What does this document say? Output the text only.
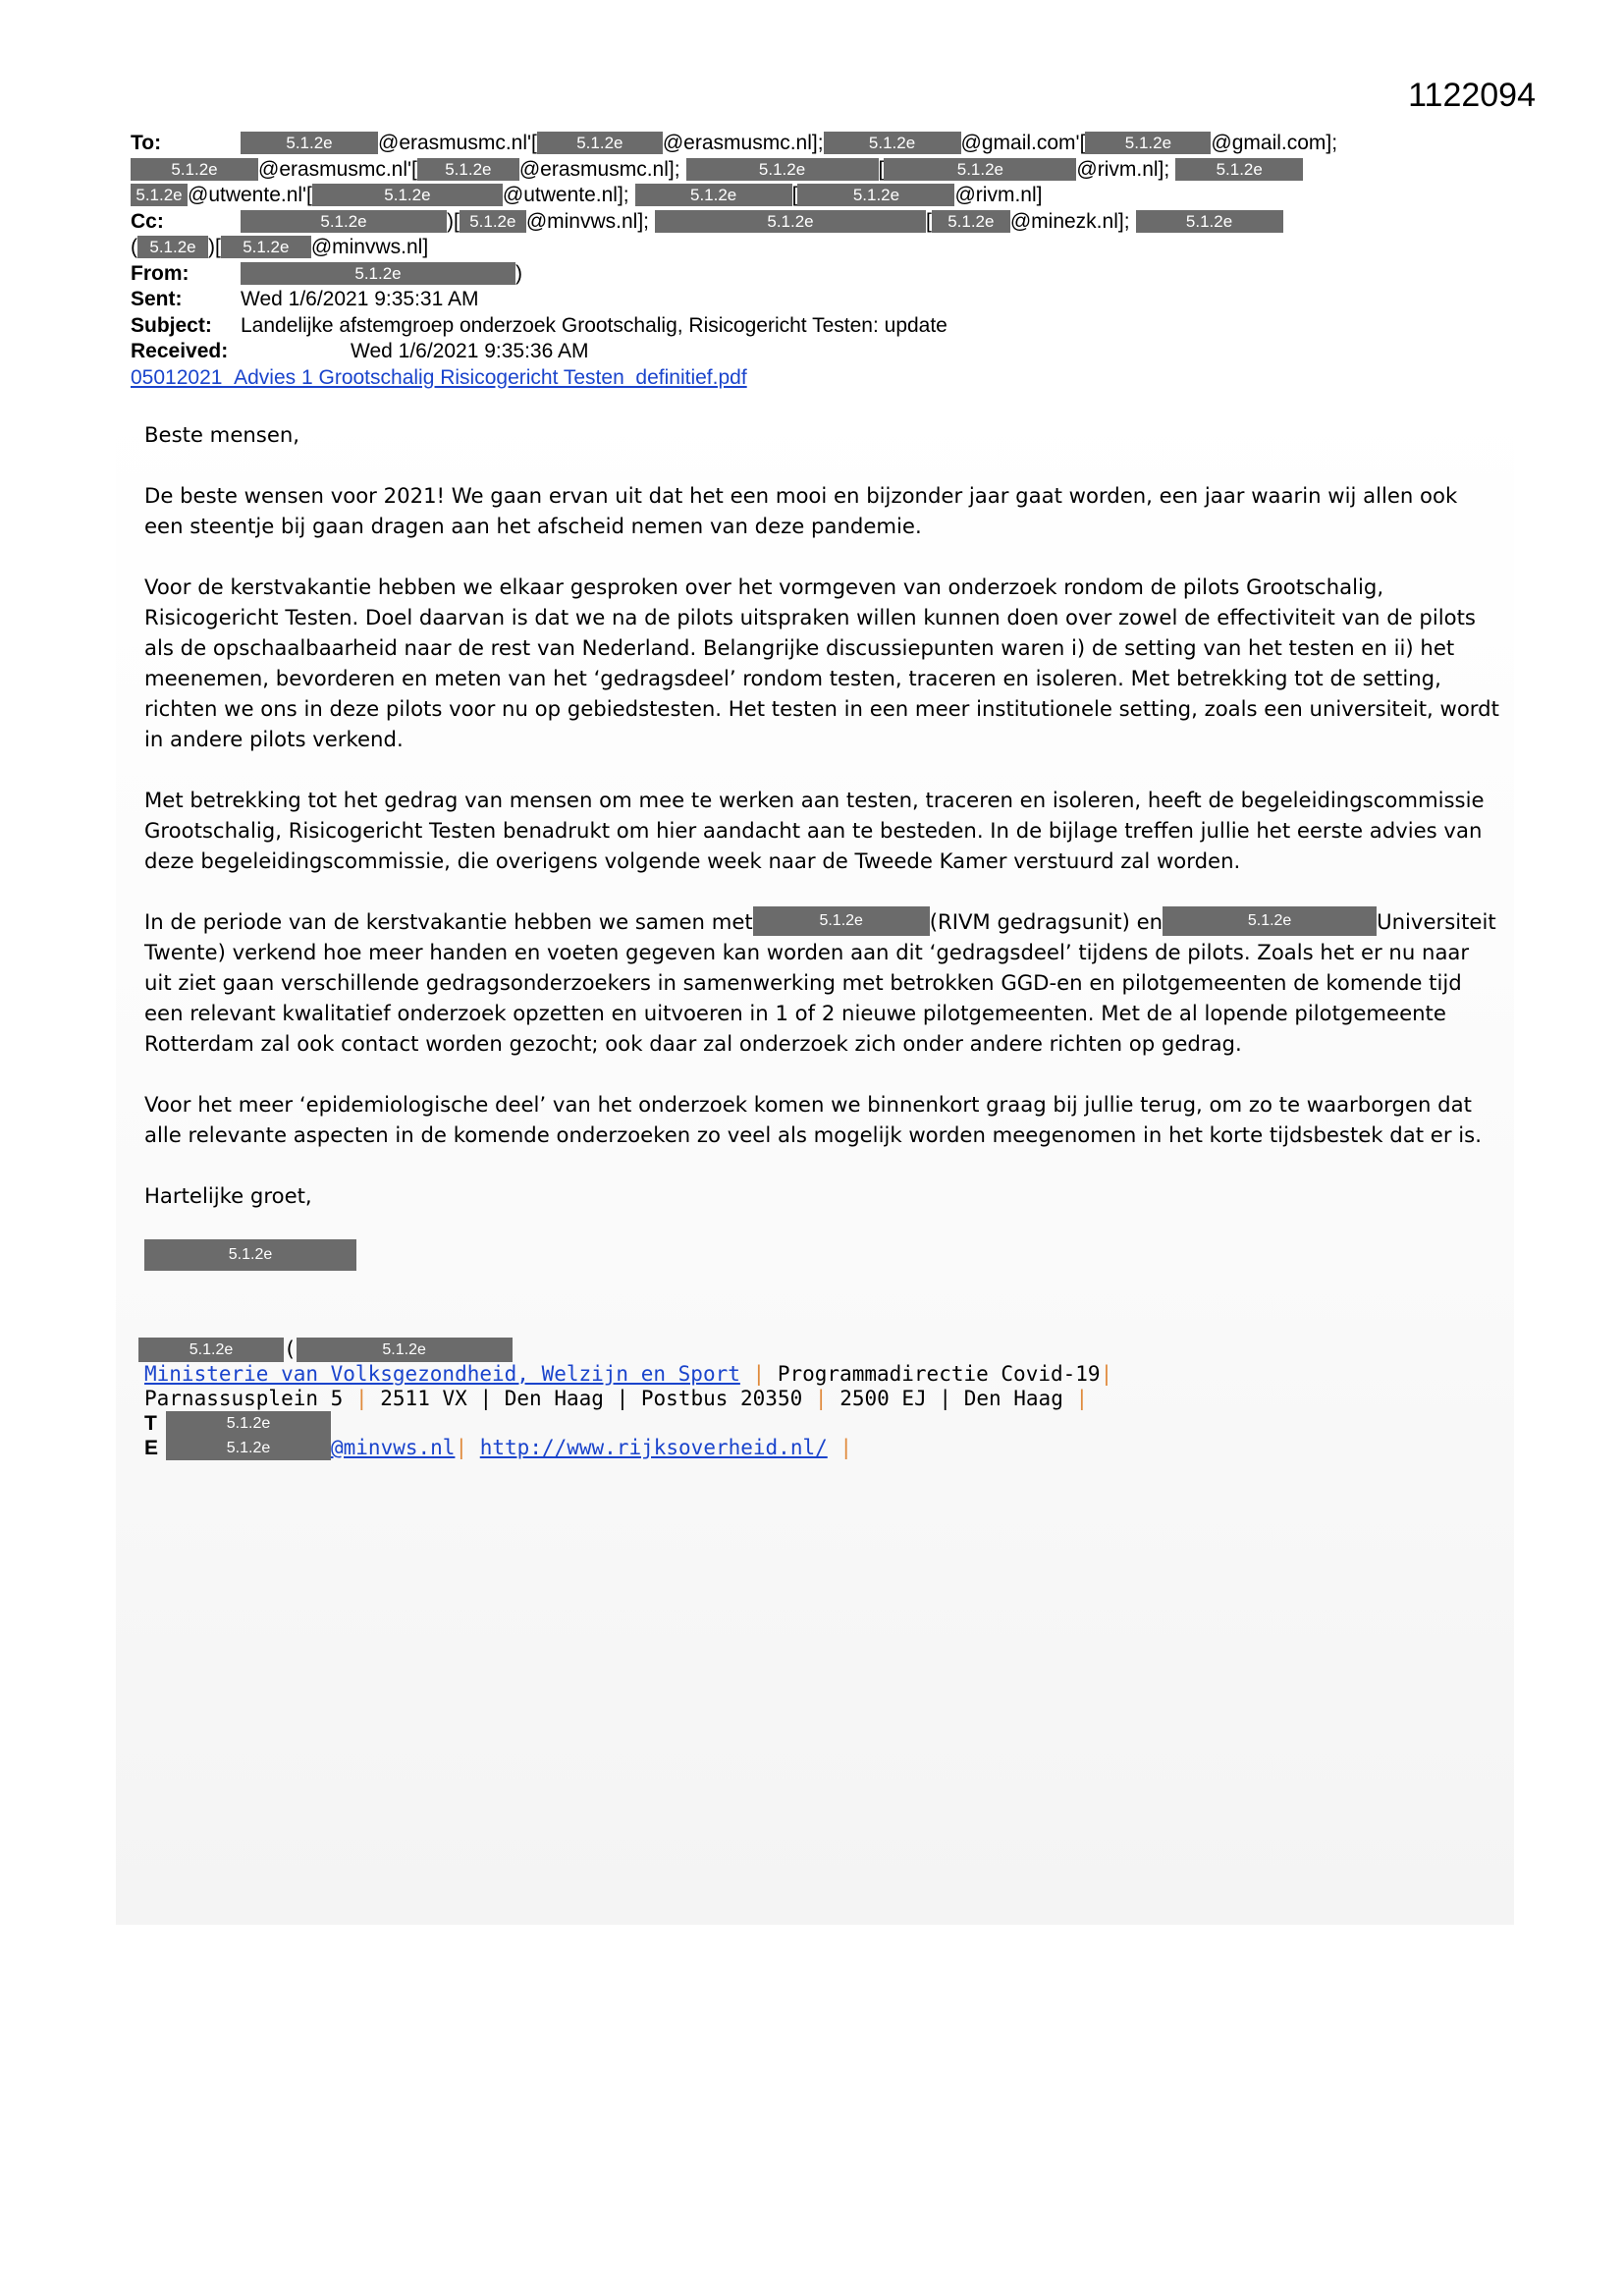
1122094
To:	5.1.2e @erasmusmc.nl'[ 5.1.2e @erasmusmc.nl];	5.1.2e @gmail.com'[ 5.1.2e @gmail.com];
5.1.2e @erasmusmc.nl'[ 5.1.2e @erasmusmc.nl];	5.1.2e	[	5.1.2e	@rivm.nl];	5.1.2e
5.1.2e @utwente.nl'[	5.1.2e	@utwente.nl];	5.1.2e	[	5.1.2e	@rivm.nl]
Cc:	5.1.2e	)[ 5.1.2e @minvws.nl];	5.1.2e	[ 5.1.2e @minezk.nl];	5.1.2e
( 5.1.2e )[ 5.1.2e @minvws.nl]
From:	5.1.2e	)
Sent:	Wed 1/6/2021 9:35:31 AM
Subject: Landelijke afstemgroep onderzoek Grootschalig, Risicogericht Testen: update
Received:	Wed 1/6/2021 9:35:36 AM
05012021_Advies 1 Grootschalig Risicogericht Testen_definitief.pdf

Beste mensen,

De beste wensen voor 2021! We gaan ervan uit dat het een mooi en bijzonder jaar gaat worden, een jaar waarin wij allen ook een steentje bij gaan dragen aan het afscheid nemen van deze pandemie.

Voor de kerstvakantie hebben we elkaar gesproken over het vormgeven van onderzoek rondom de pilots Grootschalig, Risicogericht Testen. Doel daarvan is dat we na de pilots uitspraken willen kunnen doen over zowel de effectiviteit van de pilots als de opschaalbaarheid naar de rest van Nederland. Belangrijke discussiepunten waren i) de setting van het testen en ii) het meenemen, bevorderen en meten van het ‘gedragsdeel’ rondom testen, traceren en isoleren. Met betrekking tot de setting, richten we ons in deze pilots voor nu op gebiedstesten. Het testen in een meer institutionele setting, zoals een universiteit, wordt in andere pilots verkend.

Met betrekking tot het gedrag van mensen om mee te werken aan testen, traceren en isoleren, heeft de begeleidingscommissie Grootschalig, Risicogericht Testen benadrukt om hier aandacht aan te besteden. In de bijlage treffen jullie het eerste advies van deze begeleidingscommissie, die overigens volgende week naar de Tweede Kamer verstuurd zal worden.

In de periode van de kerstvakantie hebben we samen met	5.1.2e	(RIVM gedragsunit) en	5.1.2e	Universiteit Twente) verkend hoe meer handen en voeten gegeven kan worden aan dit ‘gedragsdeel’ tijdens de pilots. Zoals het er nu naar uit ziet gaan verschillende gedragsonderzoekers in samenwerking met betrokken GGD-en en pilotgemeenten de komende tijd een relevant kwalitatief onderzoek opzetten en uitvoeren in 1 of 2 nieuwe pilotgemeenten. Met de al lopende pilotgemeente Rotterdam zal ook contact worden gezocht; ook daar zal onderzoek zich onder andere richten op gedrag.

Voor het meer ‘epidemiologische deel’ van het onderzoek komen we binnenkort graag bij jullie terug, om zo te waarborgen dat alle relevante aspecten in de komende onderzoeken zo veel als mogelijk worden meegenomen in het korte tijdsbestek dat er is.

Hartelijke groet,

5.1.2e
5.1.2e (	5.1.2e
Ministerie van Volksgezondheid, Welzijn en Sport | Programmadirectie Covid-19|
Parnassusplein 5 | 2511 VX | Den Haag | Postbus 20350 | 2500 EJ | Den Haag |
T	5.1.2e
E	5.1.2e	@minvws.nl| http://www.rijksoverheid.nl/ |
